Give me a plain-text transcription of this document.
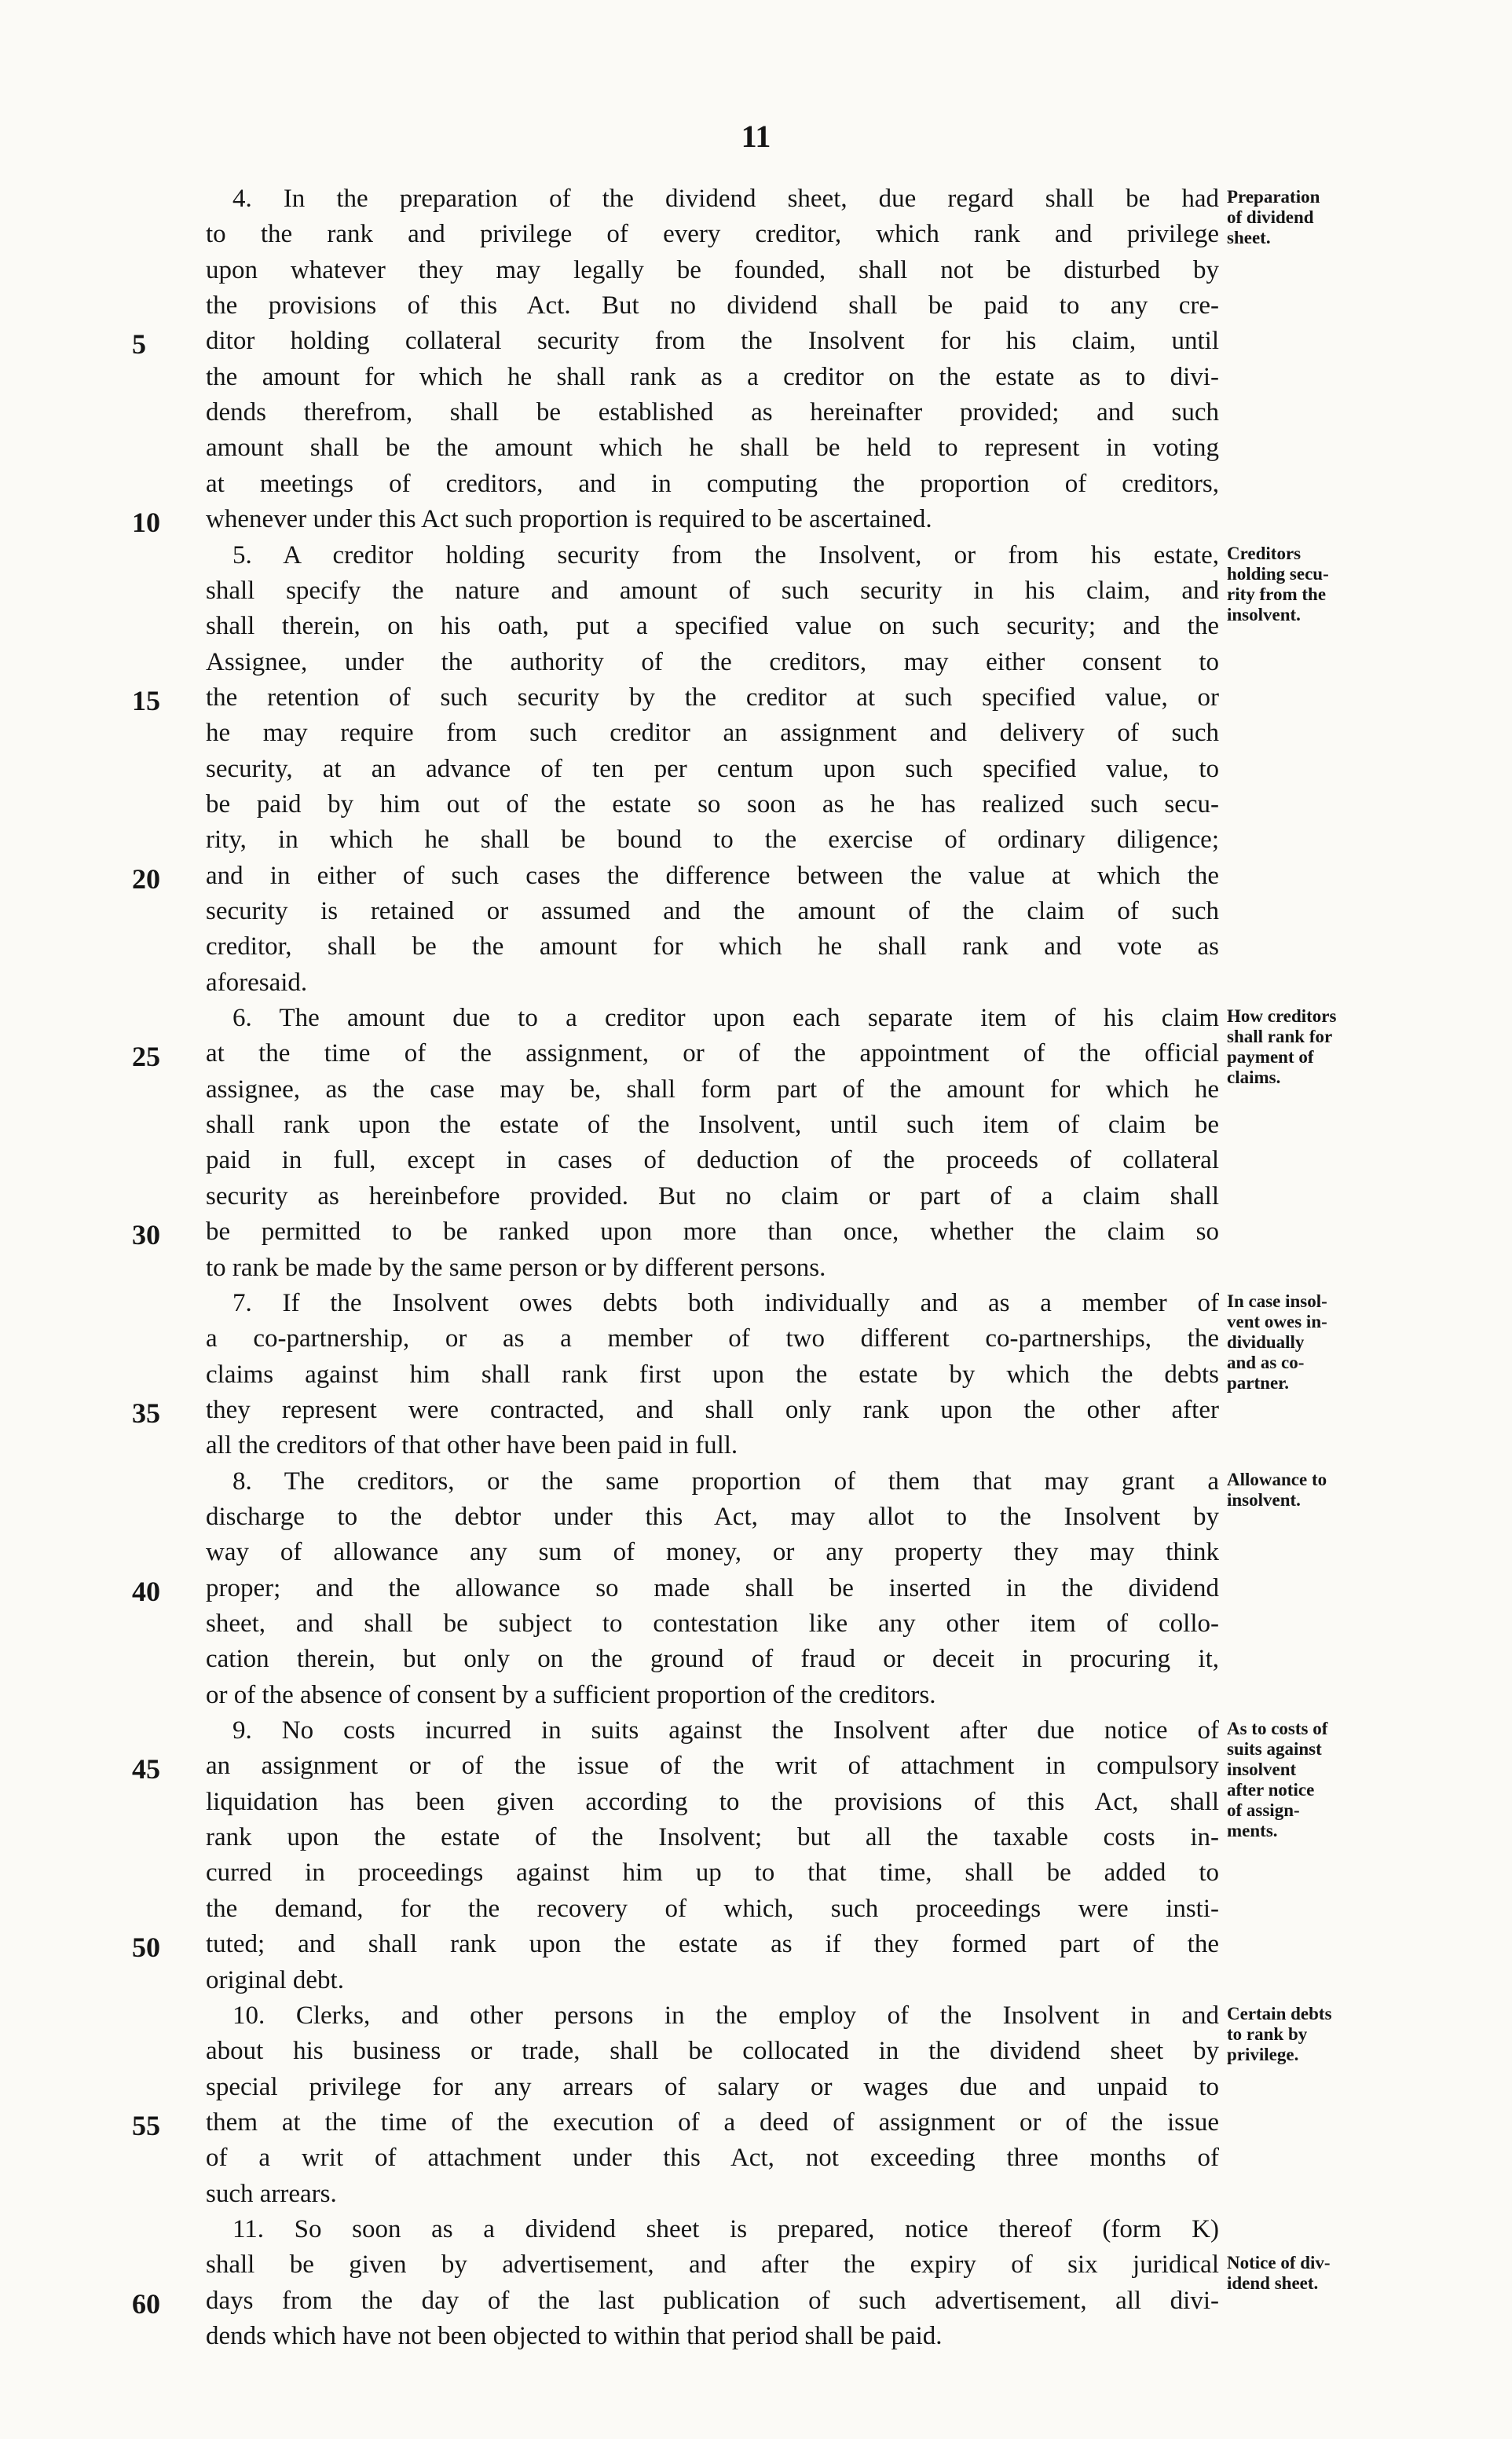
11
4. In the preparation of the dividend sheet, due regard shall be had
to the rank and privilege of every creditor, which rank and privilege
upon whatever they may legally be founded, shall not be disturbed by
the provisions of this Act. But no dividend shall be paid to any cre-
ditor holding collateral security from the Insolvent for his claim, until
the amount for which he shall rank as a creditor on the estate as to divi-
dends therefrom, shall be established as hereinafter provided; and such
amount shall be the amount which he shall be held to represent in voting
at meetings of creditors, and in computing the proportion of creditors,
whenever under this Act such proportion is required to be ascertained.
5. A creditor holding security from the Insolvent, or from his estate,
shall specify the nature and amount of such security in his claim, and
shall therein, on his oath, put a specified value on such security; and the
Assignee, under the authority of the creditors, may either consent to
the retention of such security by the creditor at such specified value, or
he may require from such creditor an assignment and delivery of such
security, at an advance of ten per centum upon such specified value, to
be paid by him out of the estate so soon as he has realized such secu-
rity, in which he shall be bound to the exercise of ordinary diligence;
and in either of such cases the difference between the value at which the
security is retained or assumed and the amount of the claim of such
creditor, shall be the amount for which he shall rank and vote as
aforesaid.
6. The amount due to a creditor upon each separate item of his claim
at the time of the assignment, or of the appointment of the official
assignee, as the case may be, shall form part of the amount for which he
shall rank upon the estate of the Insolvent, until such item of claim be
paid in full, except in cases of deduction of the proceeds of collateral
security as hereinbefore provided. But no claim or part of a claim shall
be permitted to be ranked upon more than once, whether the claim so
to rank be made by the same person or by different persons.
7. If the Insolvent owes debts both individually and as a member of
a co-partnership, or as a member of two different co-partnerships, the
claims against him shall rank first upon the estate by which the debts
they represent were contracted, and shall only rank upon the other after
all the creditors of that other have been paid in full.
8. The creditors, or the same proportion of them that may grant a
discharge to the debtor under this Act, may allot to the Insolvent by
way of allowance any sum of money, or any property they may think
proper; and the allowance so made shall be inserted in the dividend
sheet, and shall be subject to contestation like any other item of collo-
cation therein, but only on the ground of fraud or deceit in procuring it,
or of the absence of consent by a sufficient proportion of the creditors.
9. No costs incurred in suits against the Insolvent after due notice of
an assignment or of the issue of the writ of attachment in compulsory
liquidation has been given according to the provisions of this Act, shall
rank upon the estate of the Insolvent; but all the taxable costs in-
curred in proceedings against him up to that time, shall be added to
the demand, for the recovery of which, such proceedings were insti-
tuted; and shall rank upon the estate as if they formed part of the
original debt.
10. Clerks, and other persons in the employ of the Insolvent in and
about his business or trade, shall be collocated in the dividend sheet by
special privilege for any arrears of salary or wages due and unpaid to
them at the time of the execution of a deed of assignment or of the issue
of a writ of attachment under this Act, not exceeding three months of
such arrears.
11. So soon as a dividend sheet is prepared, notice thereof (form K)
shall be given by advertisement, and after the expiry of six juridical
days from the day of the last publication of such advertisement, all divi-
dends which have not been objected to within that period shall be paid.
5
10
15
20
25
30
35
40
45
50
55
60
Preparation
of dividend
sheet.
Creditors
holding secu-
rity from the
insolvent.
How creditors
shall rank for
payment of
claims.
In case insol-
vent owes in-
dividually
and as co-
partner.
Allowance to
insolvent.
As to costs of
suits against
insolvent
after notice
of assign-
ments.
Certain debts
to rank by
privilege.
Notice of div-
idend sheet.
